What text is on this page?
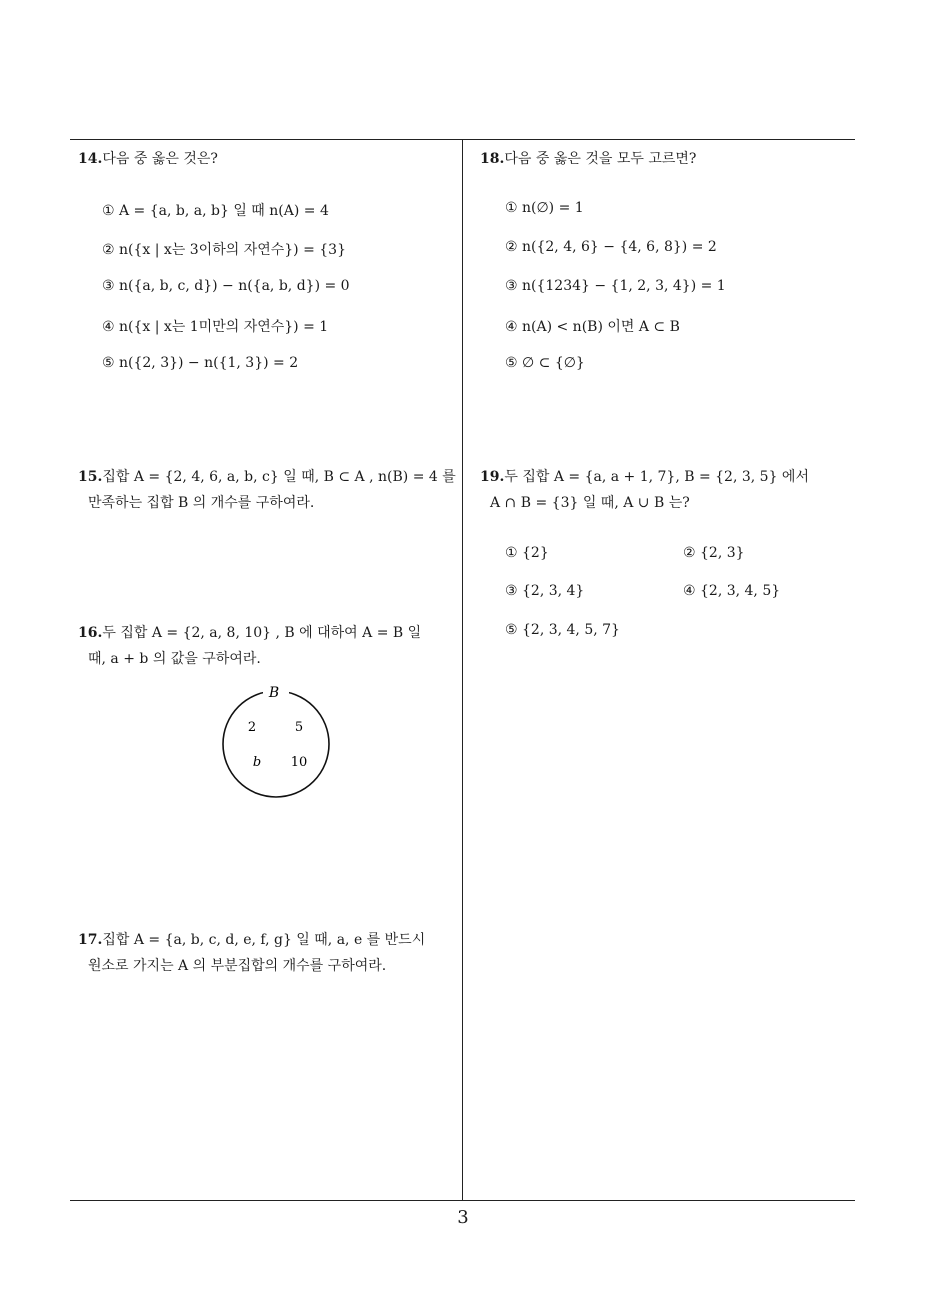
14.다음 중 옳은 것은?
① A = {a, b, a, b} 일 때 n(A) = 4
② n({x | x는 3이하의 자연수}) = {3}
③ n({a, b, c, d}) − n({a, b, d}) = 0
④ n({x | x는 1미만의 자연수}) = 1
⑤ n({2, 3}) − n({1, 3}) = 2
15.집합 A = {2, 4, 6, a, b, c} 일 때, B ⊂ A , n(B) = 4 를
만족하는 집합 B 의 개수를 구하여라.
16.두 집합 A = {2, a, 8, 10} , B 에 대하여 A = B 일
때, a + b 의 값을 구하여라.
B
2	5
b 10
17.집합 A = {a, b, c, d, e, f, g} 일 때, a, e 를 반드시
원소로 가지는 A 의 부분집합의 개수를 구하여라.
18.다음 중 옳은 것을 모두 고르면?
① n(∅) = 1
② n({2, 4, 6} − {4, 6, 8}) = 2
③ n({1234} − {1, 2, 3, 4}) = 1
④ n(A) < n(B) 이면 A ⊂ B
⑤ ∅ ⊂ {∅}
19.두 집합 A = {a, a + 1, 7}, B = {2, 3, 5} 에서
A ∩ B = {3} 일 때, A ∪ B 는?
① {2}	② {2, 3}
③ {2, 3, 4}	④ {2, 3, 4, 5}
⑤ {2, 3, 4, 5, 7}
3
